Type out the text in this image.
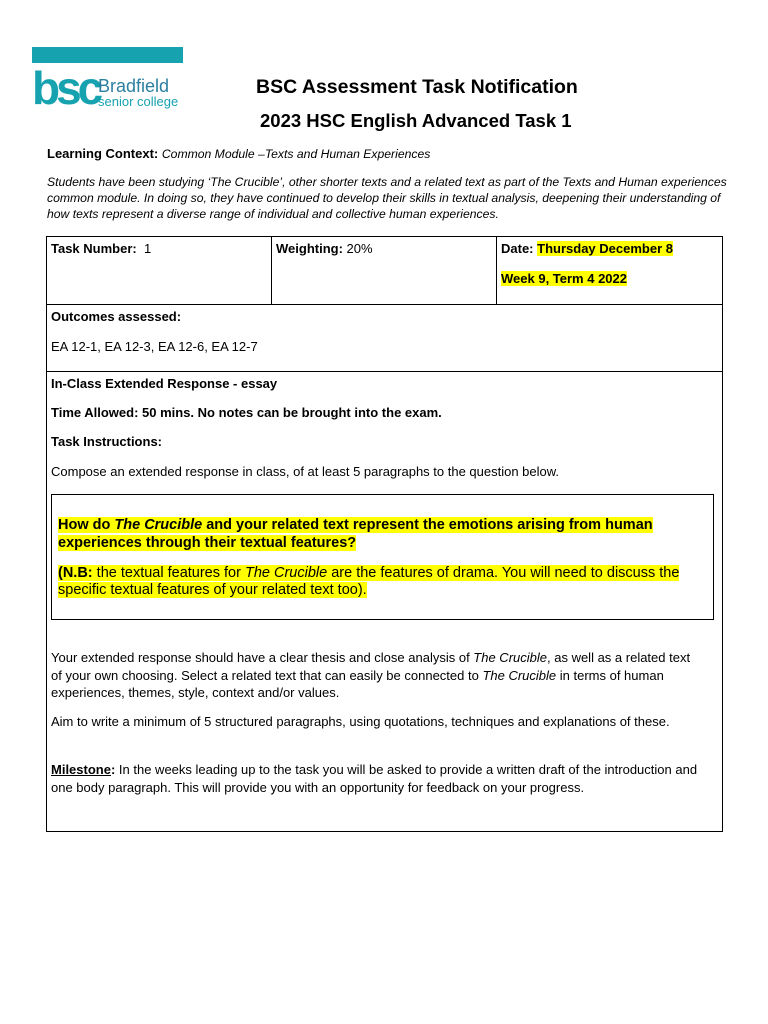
bsc
Bradfield
senior college
BSC Assessment Task Notification
2023 HSC English Advanced Task 1
Learning Context: Common Module –Texts and Human Experiences
Students have been studying ‘The Crucible’, other shorter texts and a related text as part of the Texts and Human experiences common module. In doing so, they have continued to develop their skills in textual analysis, deepening their understanding of how texts represent a diverse range of individual and collective human experiences.
Task Number: 1	Weighting: 20%	Date: Thursday December 8
Week 9, Term 4 2022
Outcomes assessed:
EA 12-1, EA 12-3, EA 12-6, EA 12-7
In-Class Extended Response - essay
Time Allowed: 50 mins. No notes can be brought into the exam.
Task Instructions:
Compose an extended response in class, of at least 5 paragraphs to the question below.

How do The Crucible and your related text represent the emotions arising from human experiences through their textual features?

(N.B: the textual features for The Crucible are the features of drama. You will need to discuss the specific textual features of your related text too).

Your extended response should have a clear thesis and close analysis of The Crucible, as well as a related text of your own choosing. Select a related text that can easily be connected to The Crucible in terms of human experiences, themes, style, context and/or values.

Aim to write a minimum of 5 structured paragraphs, using quotations, techniques and explanations of these.

Milestone: In the weeks leading up to the task you will be asked to provide a written draft of the introduction and one body paragraph. This will provide you with an opportunity for feedback on your progress.
